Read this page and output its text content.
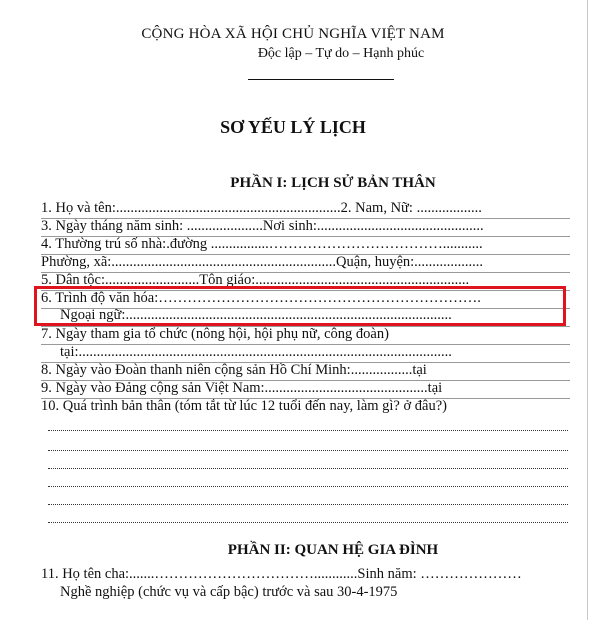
CỘNG HÒA XÃ HỘI CHỦ NGHĨA VIỆT NAM
Độc lập – Tự do – Hạnh phúc
SƠ YẾU LÝ LỊCH
PHẦN I: LỊCH SỬ BẢN THÂN
1. Họ và tên:..............................................................2. Nam, Nữ: ..................
3. Ngày tháng năm sinh: .....................Nơi sinh:..............................................
4. Thường trú số nhà:.đường ................………………………………...........
Phường, xã:..............................................................Quận, huyện:...................
5. Dân tộc:..........................Tôn giáo:...........................................................
6. Trình độ văn hóa:………………………………………………………….
Ngoại ngữ:..........................................................................................
7. Ngày tham gia tổ chức (nông hội, hội phụ nữ, công đoàn)
tại:.......................................................................................................
8. Ngày vào Đoàn thanh niên cộng sản Hồ Chí Minh:.................tại
9. Ngày vào Đảng cộng sản Việt Nam:.............................................tại
10. Quá trình bản thân (tóm tắt từ lúc 12 tuổi đến nay, làm gì? ở đâu?)
PHẦN II: QUAN HỆ GIA ĐÌNH
11. Họ tên cha:.......……………………………............Sinh năm: …………………
Nghề nghiệp (chức vụ và cấp bậc) trước và sau 30-4-1975
